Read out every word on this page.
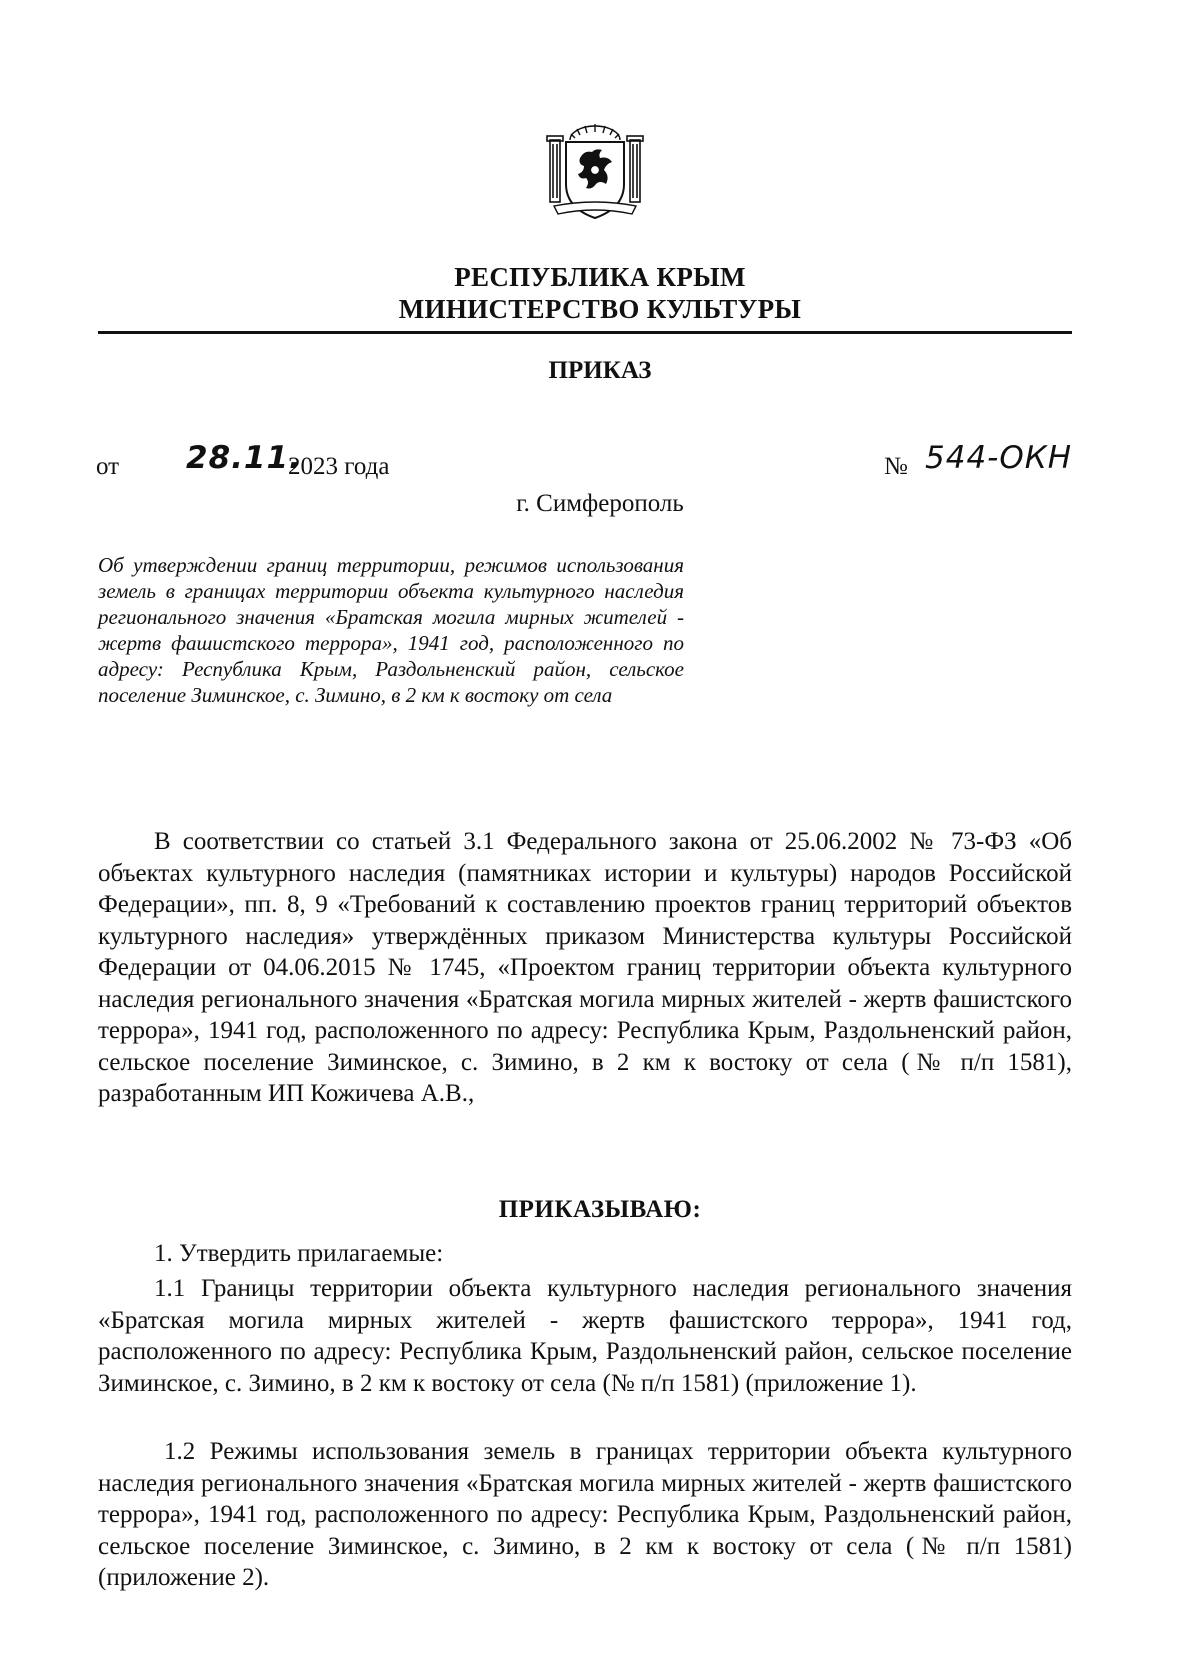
РЕСПУБЛИКА КРЫМ
МИНИСТЕРСТВО КУЛЬТУРЫ
ПРИКАЗ
от 28.11.
2023 года	№ 544-ОКН
г. Симферополь
Об утверждении границ территории, режимов использования земель в границах территории объекта культурного наследия регионального значения «Братская могила мирных жителей - жертв фашистского террора», 1941 год, расположенного по адресу: Республика Крым, Раздольненский район, сельское поселение Зиминское, с. Зимино, в 2 км к востоку от села
В соответствии со статьей 3.1 Федерального закона от 25.06.2002 № 73-ФЗ «Об объектах культурного наследия (памятниках истории и культуры) народов Российской Федерации», пп. 8, 9 «Требований к составлению проектов границ территорий объектов культурного наследия» утверждённых приказом Министерства культуры Российской Федерации от 04.06.2015 № 1745, «Проектом границ территории объекта культурного наследия регионального значения «Братская могила мирных жителей - жертв фашистского террора», 1941 год, расположенного по адресу: Республика Крым, Раздольненский район, сельское поселение Зиминское, с. Зимино, в 2 км к востоку от села (№ п/п 1581), разработанным ИП Кожичева А.В.,
ПРИКАЗЫВАЮ:
1. Утвердить прилагаемые:
1.1 Границы территории объекта культурного наследия регионального значения «Братская могила мирных жителей - жертв фашистского террора», 1941 год, расположенного по адресу: Республика Крым, Раздольненский район, сельское поселение Зиминское, с. Зимино, в 2 км к востоку от села (№ п/п 1581) (приложение 1).
1.2 Режимы использования земель в границах территории объекта культурного наследия регионального значения «Братская могила мирных жителей - жертв фашистского террора», 1941 год, расположенного по адресу: Республика Крым, Раздольненский район, сельское поселение Зиминское, с. Зимино, в 2 км к востоку от села (№ п/п 1581) (приложение 2).
